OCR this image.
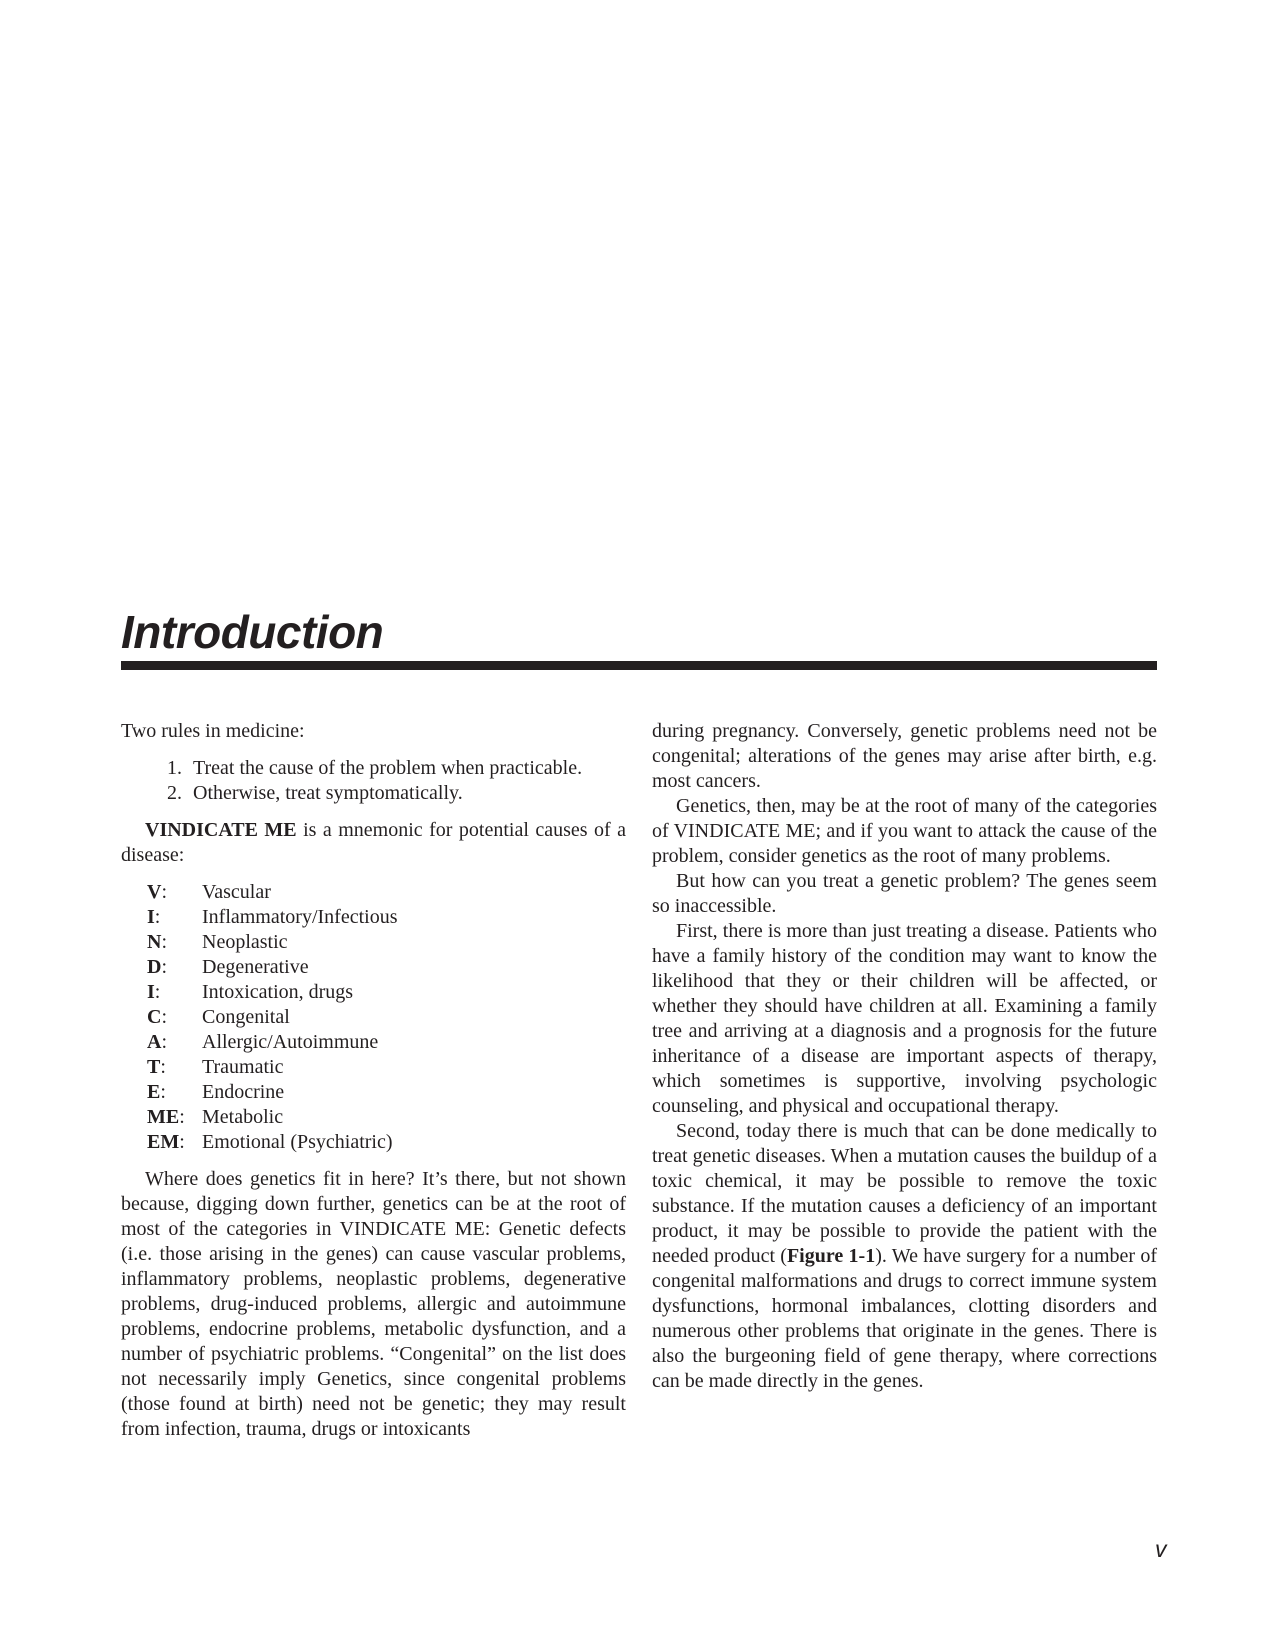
Introduction

Two rules in medicine:

1. Treat the cause of the problem when practicable.
2. Otherwise, treat symptomatically.

VINDICATE ME is a mnemonic for potential causes of a disease:

V:	Vascular
I:	Inflammatory/Infectious
N:	Neoplastic
D:	Degenerative
I:	Intoxication, drugs
C:	Congenital
A:	Allergic/Autoimmune
T:	Traumatic
E:	Endocrine
ME: Metabolic
EM: Emotional (Psychiatric)

Where does genetics fit in here? It’s there, but not shown because, digging down further, genetics can be at the root of most of the categories in VINDICATE ME: Genetic defects (i.e. those arising in the genes) can cause vascular problems, inflammatory problems, neoplastic problems, degenerative problems, drug-induced problems, allergic and autoimmune problems, endocrine problems, metabolic dysfunction, and a number of psychiatric problems. “Congenital” on the list does not necessarily imply Genetics, since congenital problems (those found at birth) need not be genetic; they may result from infection, trauma, drugs or intoxicants

during pregnancy. Conversely, genetic problems need not be congenital; alterations of the genes may arise after birth, e.g. most cancers.

Genetics, then, may be at the root of many of the categories of VINDICATE ME; and if you want to attack the cause of the problem, consider genetics as the root of many problems.

But how can you treat a genetic problem? The genes seem so inaccessible.

First, there is more than just treating a disease. Patients who have a family history of the condition may want to know the likelihood that they or their children will be affected, or whether they should have children at all. Examining a family tree and arriving at a diagnosis and a prognosis for the future inheritance of a disease are important aspects of therapy, which sometimes is supportive, involving psychologic counseling, and physical and occupational therapy.

Second, today there is much that can be done medically to treat genetic diseases. When a mutation causes the buildup of a toxic chemical, it may be possible to remove the toxic substance. If the mutation causes a deficiency of an important product, it may be possible to provide the patient with the needed product (Figure 1-1). We have surgery for a number of congenital malformations and drugs to correct immune system dysfunctions, hormonal imbalances, clotting disorders and numerous other problems that originate in the genes. There is also the burgeoning field of gene therapy, where corrections can be made directly in the genes.

v
